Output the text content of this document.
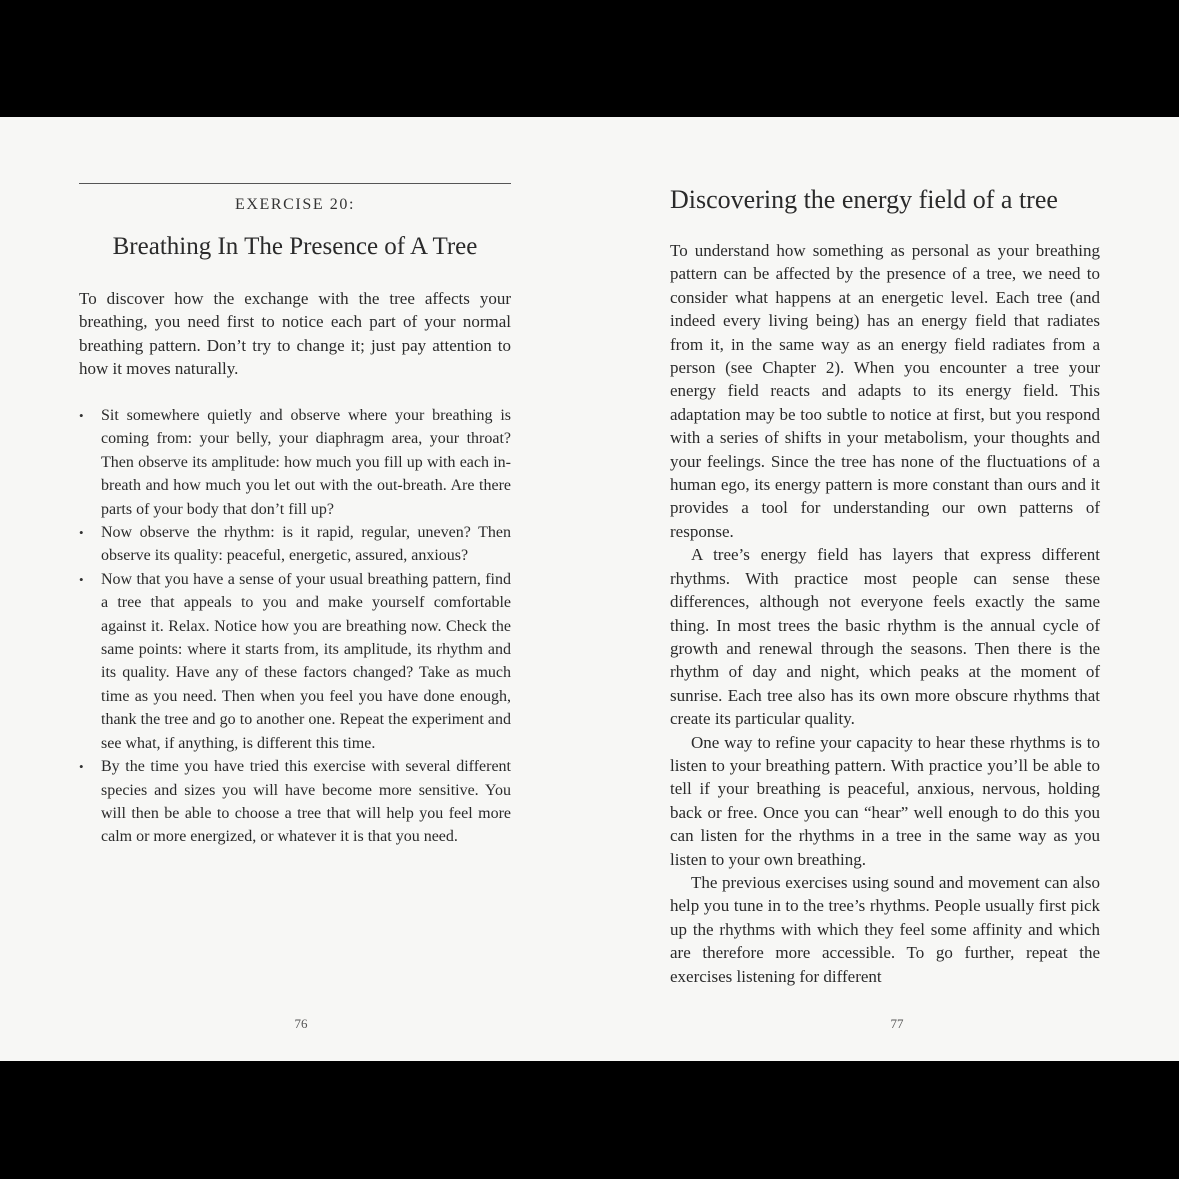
EXERCISE 20:
Breathing In The Presence of A Tree

To discover how the exchange with the tree affects your breathing, you need first to notice each part of your normal breathing pattern. Don’t try to change it; just pay attention to how it moves naturally.

• Sit somewhere quietly and observe where your breathing is coming from: your belly, your diaphragm area, your throat? Then observe its amplitude: how much you fill up with each in-breath and how much you let out with the out-breath. Are there parts of your body that don’t fill up?
• Now observe the rhythm: is it rapid, regular, uneven? Then observe its quality: peaceful, energetic, assured, anxious?
• Now that you have a sense of your usual breathing pattern, find a tree that appeals to you and make yourself comfortable against it. Relax. Notice how you are breathing now. Check the same points: where it starts from, its amplitude, its rhythm and its quality. Have any of these factors changed? Take as much time as you need. Then when you feel you have done enough, thank the tree and go to another one. Repeat the experiment and see what, if anything, is different this time.
• By the time you have tried this exercise with several different species and sizes you will have become more sensitive. You will then be able to choose a tree that will help you feel more calm or more energized, or whatever it is that you need.
76
Discovering the energy field of a tree

To understand how something as personal as your breathing pattern can be affected by the presence of a tree, we need to consider what happens at an energetic level. Each tree (and indeed every living being) has an energy field that radiates from it, in the same way as an energy field radiates from a person (see Chapter 2). When you encounter a tree your energy field reacts and adapts to its energy field. This adaptation may be too subtle to notice at first, but you respond with a series of shifts in your metabolism, your thoughts and your feelings. Since the tree has none of the fluctuations of a human ego, its energy pattern is more constant than ours and it provides a tool for understanding our own patterns of response.

A tree’s energy field has layers that express different rhythms. With practice most people can sense these differences, although not everyone feels exactly the same thing. In most trees the basic rhythm is the annual cycle of growth and renewal through the seasons. Then there is the rhythm of day and night, which peaks at the moment of sunrise. Each tree also has its own more obscure rhythms that create its particular quality.

One way to refine your capacity to hear these rhythms is to listen to your breathing pattern. With practice you’ll be able to tell if your breathing is peaceful, anxious, nervous, holding back or free. Once you can “hear” well enough to do this you can listen for the rhythms in a tree in the same way as you listen to your own breathing.

The previous exercises using sound and movement can also help you tune in to the tree’s rhythms. People usually first pick up the rhythms with which they feel some affinity and which are therefore more accessible. To go further, repeat the exercises listening for different

77
